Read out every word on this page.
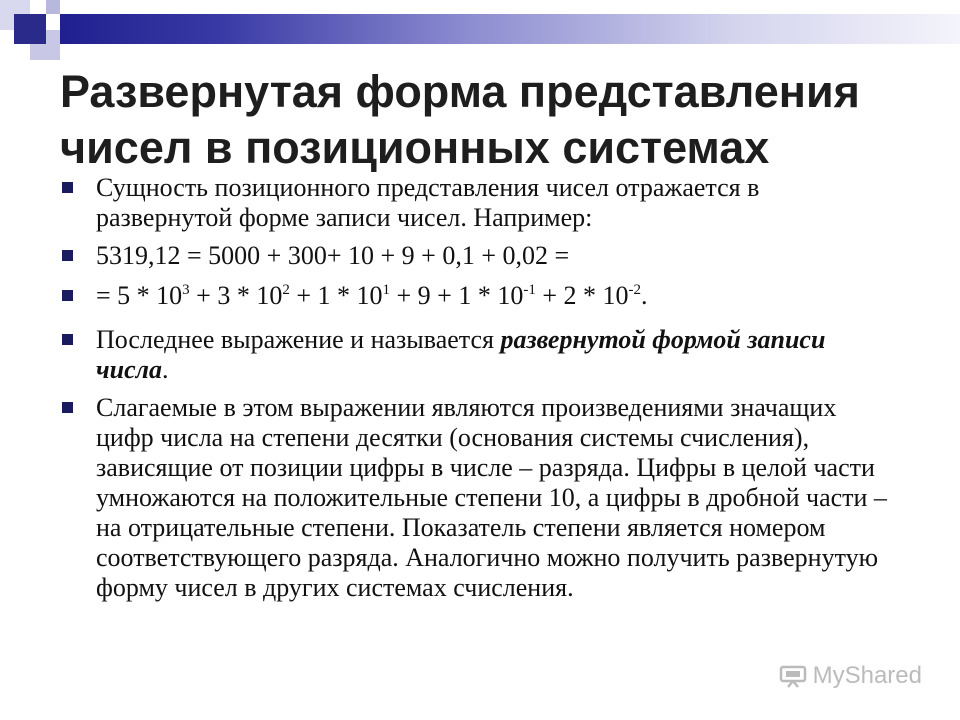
Развернутая форма представления
чисел в позиционных системах
Сущность позиционного представления чисел отражается в развернутой форме записи чисел. Например:
5319,12 = 5000 + 300+ 10 + 9 + 0,1 + 0,02 =
= $5 * 10^3 + 3 * 10^2 + 1 * 10^1 + 9 + 1 * 10^{-1} + 2 * 10^{-2}$.
Последнее выражение и называется развернутой формой записи числа.
Слагаемые в этом выражении являются произведениями значащих цифр числа на степени десятки (основания системы счисления), зависящие от позиции цифры в числе – разряда. Цифры в целой части умножаются на положительные степени 10, а цифры в дробной части – на отрицательные степени. Показатель степени является номером соответствующего разряда. Аналогично можно получить развернутую форму чисел в других системах счисления.
MyShared
